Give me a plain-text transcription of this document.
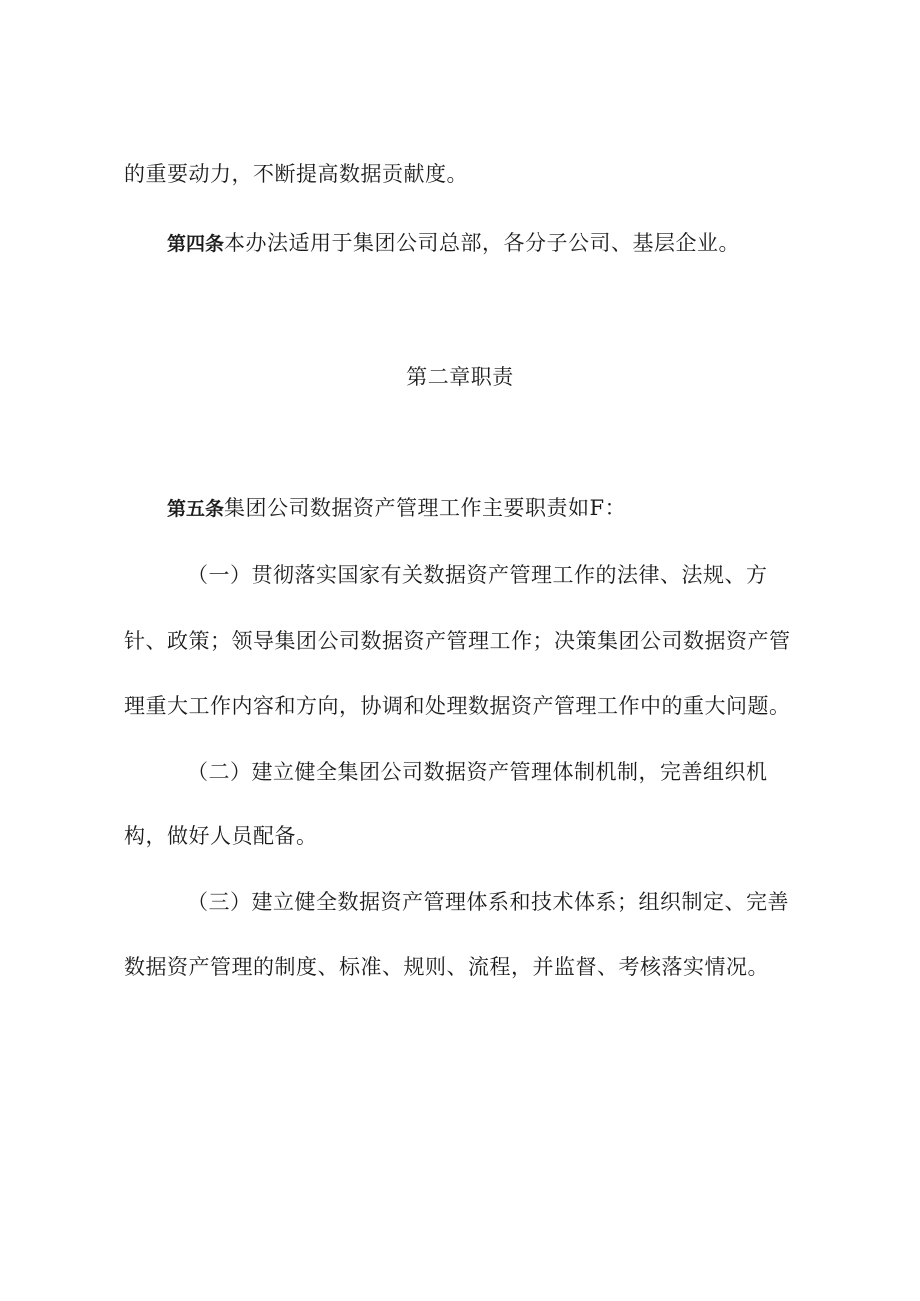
的重要动力，不断提高数据贡献度。
第四条本办法适用于集团公司总部，各分子公司、基层企业。
第二章职责
第五条集团公司数据资产管理工作主要职责如F：
（一）贯彻落实国家有关数据资产管理工作的法律、法规、方
针、政策；领导集团公司数据资产管理工作；决策集团公司数据资产管
理重大工作内容和方向，协调和处理数据资产管理工作中的重大问题。
（二）建立健全集团公司数据资产管理体制机制，完善组织机
构，做好人员配备。
（三）建立健全数据资产管理体系和技术体系；组织制定、完善
数据资产管理的制度、标准、规则、流程，并监督、考核落实情况。
